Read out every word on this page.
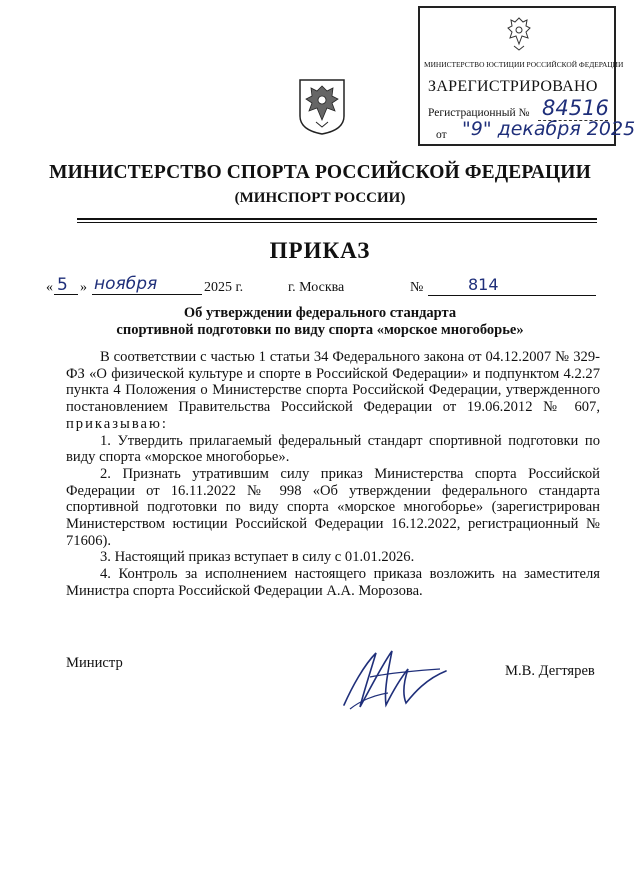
МИНИСТЕРСТВО ЮСТИЦИИ РОССИЙСКОЙ ФЕДЕРАЦИИ
ЗАРЕГИСТРИРОВАНО
Регистрационный № 84516
от "9" декабря 2025
МИНИСТЕРСТВО СПОРТА РОССИЙСКОЙ ФЕДЕРАЦИИ
(МИНСПОРТ РОССИИ)
ПРИКАЗ
« 5 » ноября	2025 г.	г. Москва	№	814
Об утверждении федерального стандарта
спортивной подготовки по виду спорта «морское многоборье»

В соответствии с частью 1 статьи 34 Федерального закона от 04.12.2007 № 329-ФЗ «О физической культуре и спорте в Российской Федерации» и подпунктом 4.2.27 пункта 4 Положения о Министерстве спорта Российской Федерации, утвержденного постановлением Правительства Российской Федерации от 19.06.2012 № 607, приказываю:

1. Утвердить прилагаемый федеральный стандарт спортивной подготовки по виду спорта «морское многоборье».

2. Признать утратившим силу приказ Министерства спорта Российской Федерации от 16.11.2022 № 998 «Об утверждении федерального стандарта спортивной подготовки по виду спорта «морское многоборье» (зарегистрирован Министерством юстиции Российской Федерации 16.12.2022, регистрационный № 71606).

3. Настоящий приказ вступает в силу с 01.01.2026.

4. Контроль за исполнением настоящего приказа возложить на заместителя Министра спорта Российской Федерации А.А. Морозова.

Министр	М.В. Дегтярев
